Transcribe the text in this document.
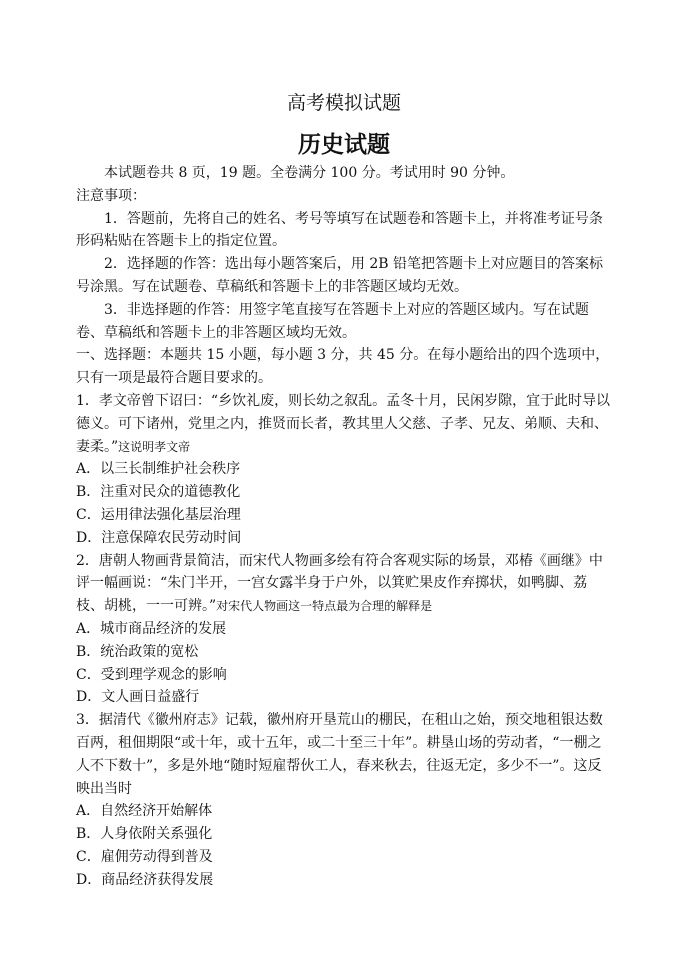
高考模拟试题
历史试题

本试题卷共 8 页，19 题。全卷满分 100 分。考试用时 90 分钟。

注意事项：

1．答题前，先将自己的姓名、考号等填写在试题卷和答题卡上，并将准考证号条形码粘贴在答题卡上的指定位置。

2．选择题的作答：选出每小题答案后，用 2B 铅笔把答题卡上对应题目的答案标号涂黑。写在试题卷、草稿纸和答题卡上的非答题区域均无效。

3．非选择题的作答：用签字笔直接写在答题卡上对应的答题区域内。写在试题卷、草稿纸和答题卡上的非答题区域均无效。

一、选择题：本题共 15 小题，每小题 3 分，共 45 分。在每小题给出的四个选项中，只有一项是最符合题目要求的。

1．孝文帝曾下诏曰：“乡饮礼废，则长幼之叙乱。孟冬十月，民闲岁隙，宜于此时导以德义。可下诸州，党里之内，推贤而长者，教其里人父慈、子孝、兄友、弟顺、夫和、妻柔。”这说明孝文帝

A．以三长制维护社会秩序

B．注重对民众的道德教化

C．运用律法强化基层治理

D．注意保障农民劳动时间

2．唐朝人物画背景简洁，而宋代人物画多绘有符合客观实际的场景，邓椿《画继》中评一幅画说：“朱门半开，一宫女露半身于户外，以箕贮果皮作弃掷状，如鸭脚、荔枝、胡桃，一一可辨。”对宋代人物画这一特点最为合理的解释是

A．城市商品经济的发展

B．统治政策的宽松

C．受到理学观念的影响

D．文人画日益盛行

3．据清代《徽州府志》记载，徽州府开垦荒山的棚民，在租山之始，预交地租银达数百两，租佃期限“或十年，或十五年，或二十至三十年”。耕垦山场的劳动者，“一棚之人不下数十”，多是外地“随时短雇帮伙工人，春来秋去，往返无定，多少不一”。这反映出当时

A．自然经济开始解体

B．人身依附关系强化

C．雇佣劳动得到普及

D．商品经济获得发展
